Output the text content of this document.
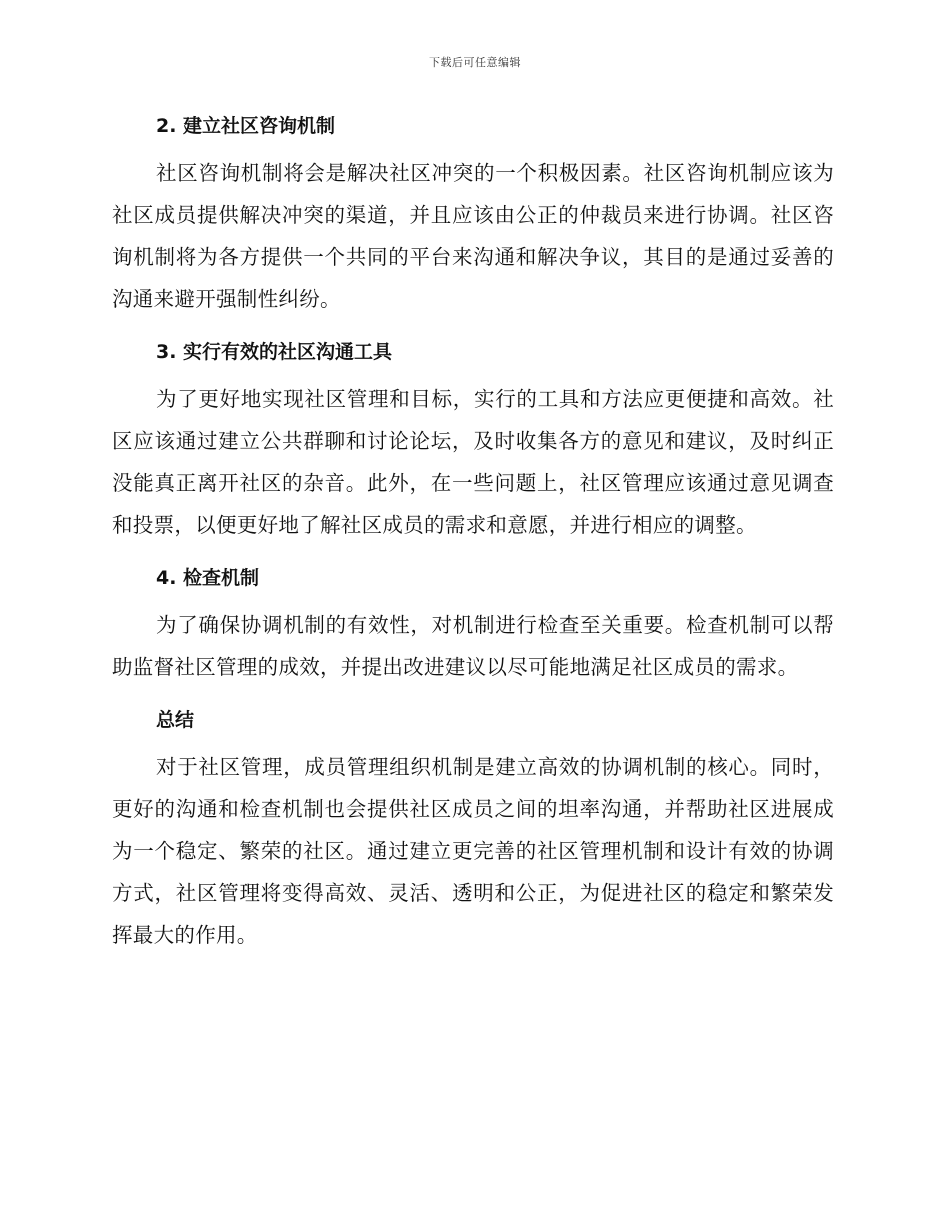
下载后可任意编辑
2. 建立社区咨询机制

社区咨询机制将会是解决社区冲突的一个积极因素。社区咨询机制应该为社区成员提供解决冲突的渠道，并且应该由公正的仲裁员来进行协调。社区咨询机制将为各方提供一个共同的平台来沟通和解决争议，其目的是通过妥善的沟通来避开强制性纠纷。

3. 实行有效的社区沟通工具

为了更好地实现社区管理和目标，实行的工具和方法应更便捷和高效。社区应该通过建立公共群聊和讨论论坛，及时收集各方的意见和建议，及时纠正没能真正离开社区的杂音。此外，在一些问题上，社区管理应该通过意见调查和投票，以便更好地了解社区成员的需求和意愿，并进行相应的调整。

4. 检查机制

为了确保协调机制的有效性，对机制进行检查至关重要。检查机制可以帮助监督社区管理的成效，并提出改进建议以尽可能地满足社区成员的需求。

总结

对于社区管理，成员管理组织机制是建立高效的协调机制的核心。同时，更好的沟通和检查机制也会提供社区成员之间的坦率沟通，并帮助社区进展成为一个稳定、繁荣的社区。通过建立更完善的社区管理机制和设计有效的协调方式，社区管理将变得高效、灵活、透明和公正，为促进社区的稳定和繁荣发挥最大的作用。
